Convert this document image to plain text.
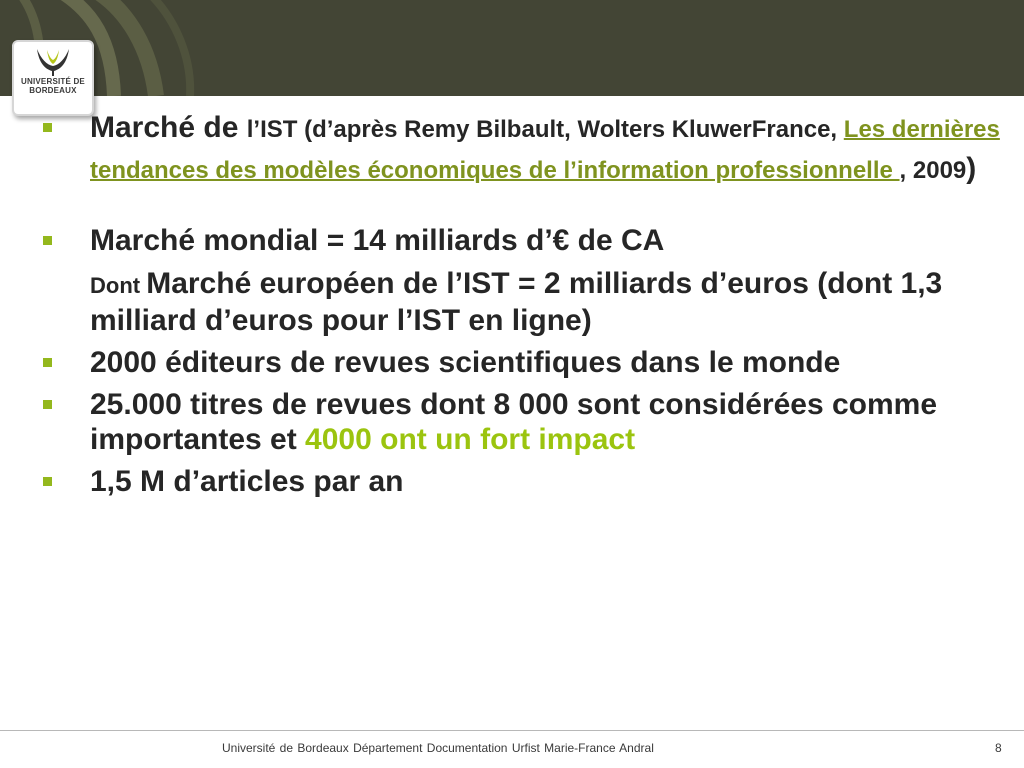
UNIVERSITÉ DE
BORDEAUX
Marché de l’IST (d’après Remy Bilbault, Wolters KluwerFrance, Les dernières tendances des modèles économiques de l’information professionnelle , 2009)
Marché mondial = 14 milliards d’€ de CA
Dont Marché européen de l’IST = 2 milliards d’euros (dont 1,3 milliard d’euros pour l’IST en ligne)
2000 éditeurs de revues scientifiques dans le monde
25.000 titres de revues dont 8 000 sont considérées comme importantes et 4000 ont un fort impact
1,5 M d’articles par an
Université de Bordeaux Département Documentation Urfist Marie-France Andral	8
